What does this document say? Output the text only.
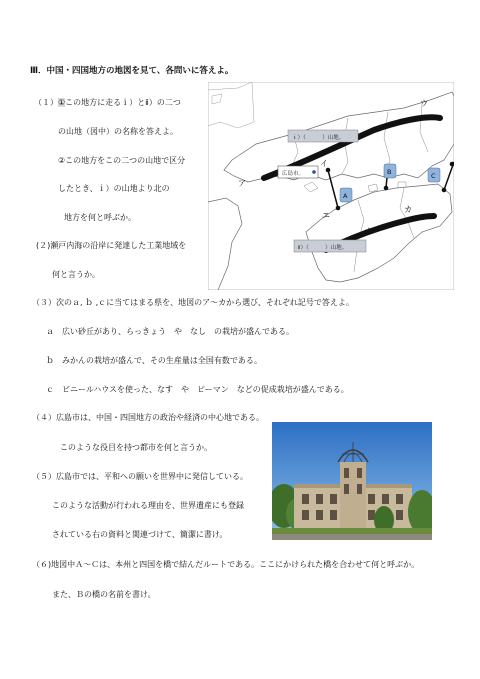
Ⅲ．中国・四国地方の地図を見て、各問いに答えよ。
（１） ①この地方に走るｉ）とⅱ）の二つ
の山地（図中）の名称を答えよ。
②この地方をこの二つの山地で区分
したとき、ｉ）の山地より北の
地方を何と呼ぶか。
(２)瀬戸内海の沿岸に発達した工業地域を
何と言うか。
（３）次のａ, ｂ ,ｃに当てはまる県を、地図のア～カから選び、それぞれ記号で答えよ。
ａ　広い砂丘があり、らっきょう　や　なし　の栽培が盛んである。
ｂ　みかんの栽培が盛んで、その生産量は全国有数である。
ｃ　ビニールハウスを使った、なす　や　ピーマン　などの促成栽培が盛んである。
（４）広島市は、中国・四国地方の政治や経済の中心地である。
このような役目を持つ都市を何と言うか。
（５）広島市では、平和への願いを世界中に発信している。
このような活動が行われる理由を、世界遺産にも登録
されている右の資料と関連づけて、簡潔に書け。
（６)地図中Ａ～Ｃは、本州と四国を橋で結んだルートである。ここにかけられた橋を合わせて何と呼ぶか。
また、Ｂの橋の名前を書け。
ｉ）（　　　）山地。
ⅱ）（　　　）山地。
広島市。
ウ
イ
ア
エ
カ
オ
A
B	C
